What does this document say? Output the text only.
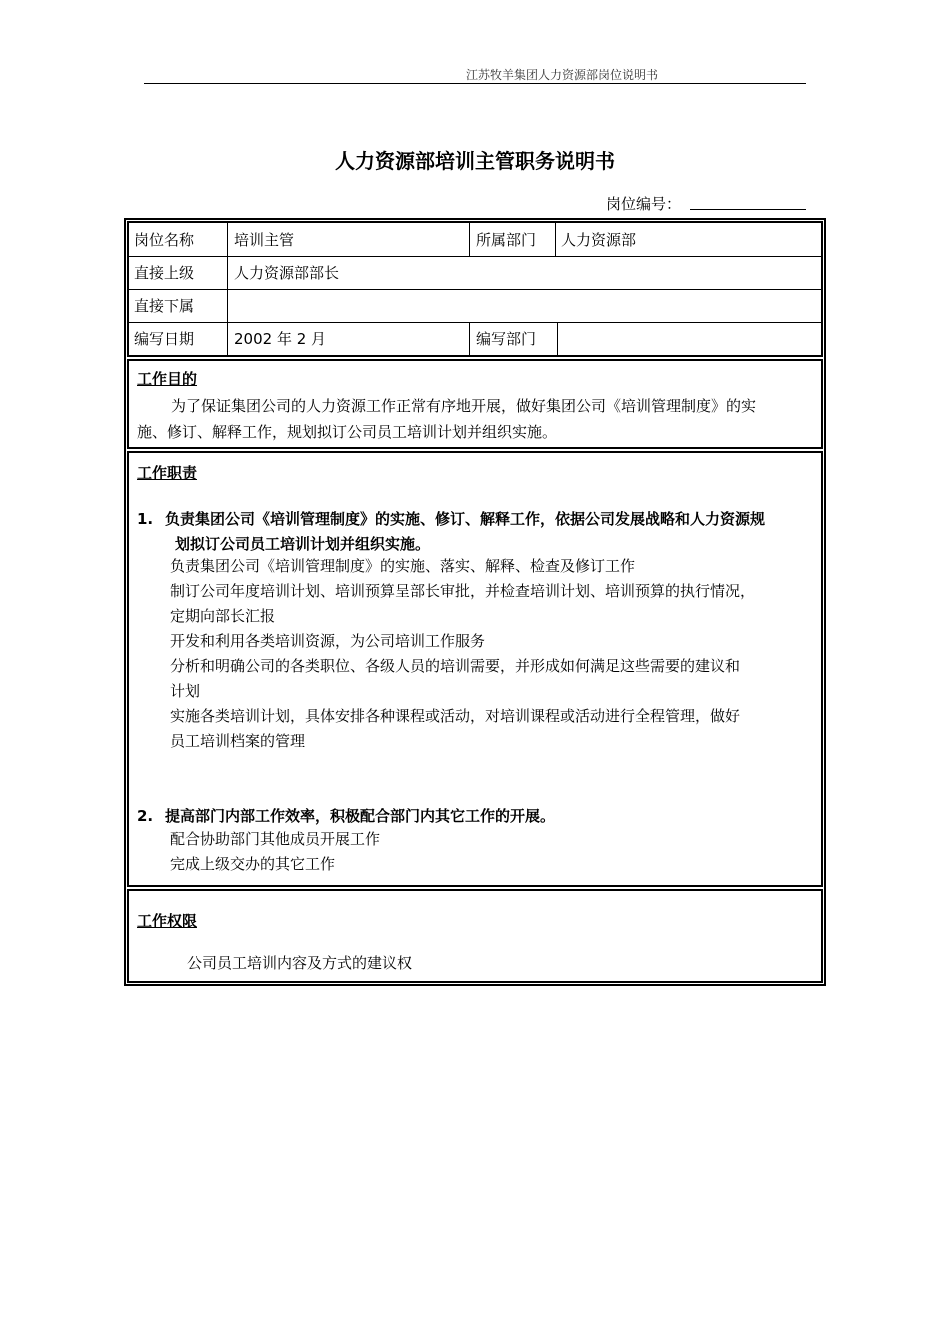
江苏牧羊集团人力资源部岗位说明书
人力资源部培训主管职务说明书
岗位编号：
岗位名称	培训主管	所属部门 人力资源部
直接上级	人力资源部部长
直接下属
编写日期	2002 年 2 月	编写部门
工作目的
为了保证集团公司的人力资源工作正常有序地开展，做好集团公司《培训管理制度》的实
施、修订、解释工作，规划拟订公司员工培训计划并组织实施。
工作职责
1. 负责集团公司《培训管理制度》的实施、修订、解释工作，依据公司发展战略和人力资源规
划拟订公司员工培训计划并组织实施。
负责集团公司《培训管理制度》的实施、落实、解释、检查及修订工作
制订公司年度培训计划、培训预算呈部长审批，并检查培训计划、培训预算的执行情况，
定期向部长汇报
开发和利用各类培训资源，为公司培训工作服务
分析和明确公司的各类职位、各级人员的培训需要，并形成如何满足这些需要的建议和
计划
实施各类培训计划，具体安排各种课程或活动，对培训课程或活动进行全程管理，做好
员工培训档案的管理
2. 提高部门内部工作效率，积极配合部门内其它工作的开展。
配合协助部门其他成员开展工作
完成上级交办的其它工作
工作权限
公司员工培训内容及方式的建议权
